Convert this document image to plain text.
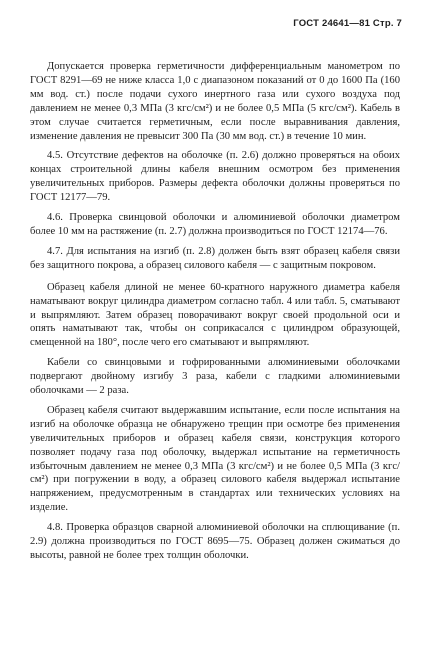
ГОСТ 24641—81 Стр. 7

Допускается проверка герметичности дифференциальным манометром по ГОСТ 8291—69 не ниже класса 1,0 с диапазоном показаний от 0 до 1600 Па (160 мм вод. ст.) после подачи сухого инертного газа или сухого воздуха под давлением не менее 0,3 МПа (3 кгс/см²) и не более 0,5 МПа (5 кгс/см²). Кабель в этом случае считается герметичным, если после выравнивания давления, изменение давления не превысит 300 Па (30 мм вод. ст.) в течение 10 мин.

4.5. Отсутствие дефектов на оболочке (п. 2.6) должно проверяться на обоих концах строительной длины кабеля внешним осмотром без применения увеличительных приборов. Размеры дефекта оболочки должны проверяться по ГОСТ 12177—79.

4.6. Проверка свинцовой оболочки и алюминиевой оболочки диаметром более 10 мм на растяжение (п. 2.7) должна производиться по ГОСТ 12174—76.

4.7. Для испытания на изгиб (п. 2.8) должен быть взят образец кабеля связи без защитного покрова, а образец силового кабеля — с защитным покровом.

Образец кабеля длиной не менее 60-кратного наружного диаметра кабеля наматывают вокруг цилиндра диаметром согласно табл. 4 или табл. 5, сматывают и выпрямляют. Затем образец поворачивают вокруг своей продольной оси и опять наматывают так, чтобы он соприкасался с цилиндром образующей, смещенной на 180°, после чего его сматывают и выпрямляют.

Кабели со свинцовыми и гофрированными алюминиевыми оболочками подвергают двойному изгибу 3 раза, кабели с гладкими алюминиевыми оболочками — 2 раза.

Образец кабеля считают выдержавшим испытание, если после испытания на изгиб на оболочке образца не обнаружено трещин при осмотре без применения увеличительных приборов и образец кабеля связи, конструкция которого позволяет подачу газа под оболочку, выдержал испытание на герметичность избыточным давлением не менее 0,3 МПа (3 кгс/см²) и не более 0,5 МПа (3 кгс/см²) при погружении в воду, а образец силового кабеля выдержал испытание напряжением, предусмотренным в стандартах или технических условиях на изделие.

4.8. Проверка образцов сварной алюминиевой оболочки на сплющивание (п. 2.9) должна производиться по ГОСТ 8695—75. Образец должен сжиматься до высоты, равной не более трех толщин оболочки.
